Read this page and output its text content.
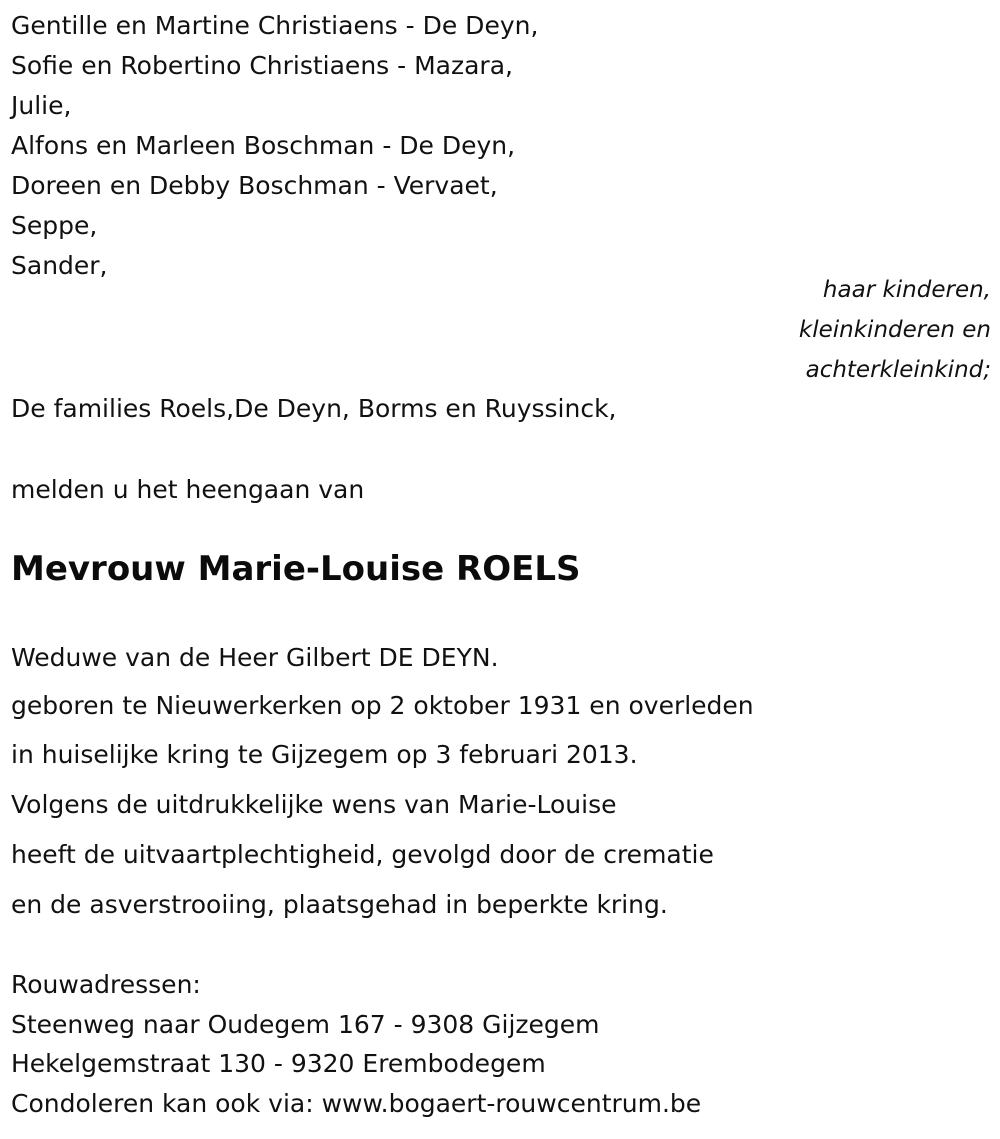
Gentille en Martine Christiaens - De Deyn,
Sofie en Robertino Christiaens - Mazara,
Julie,
Alfons en Marleen Boschman - De Deyn,
Doreen en Debby Boschman - Vervaet,
Seppe,
Sander,
haar kinderen,
kleinkinderen en
achterkleinkind;
De families Roels,De Deyn, Borms en Ruyssinck,
melden u het heengaan van
Mevrouw Marie-Louise ROELS
Weduwe van de Heer Gilbert DE DEYN.
geboren te Nieuwerkerken op 2 oktober 1931 en overleden
in huiselijke kring te Gijzegem op 3 februari 2013.
Volgens de uitdrukkelijke wens van Marie-Louise
heeft de uitvaartplechtigheid, gevolgd door de crematie
en de asverstrooiing, plaatsgehad in beperkte kring.
Rouwadressen:
Steenweg naar Oudegem 167 - 9308 Gijzegem
Hekelgemstraat 130 - 9320 Erembodegem
Condoleren kan ook via: www.bogaert-rouwcentrum.be
